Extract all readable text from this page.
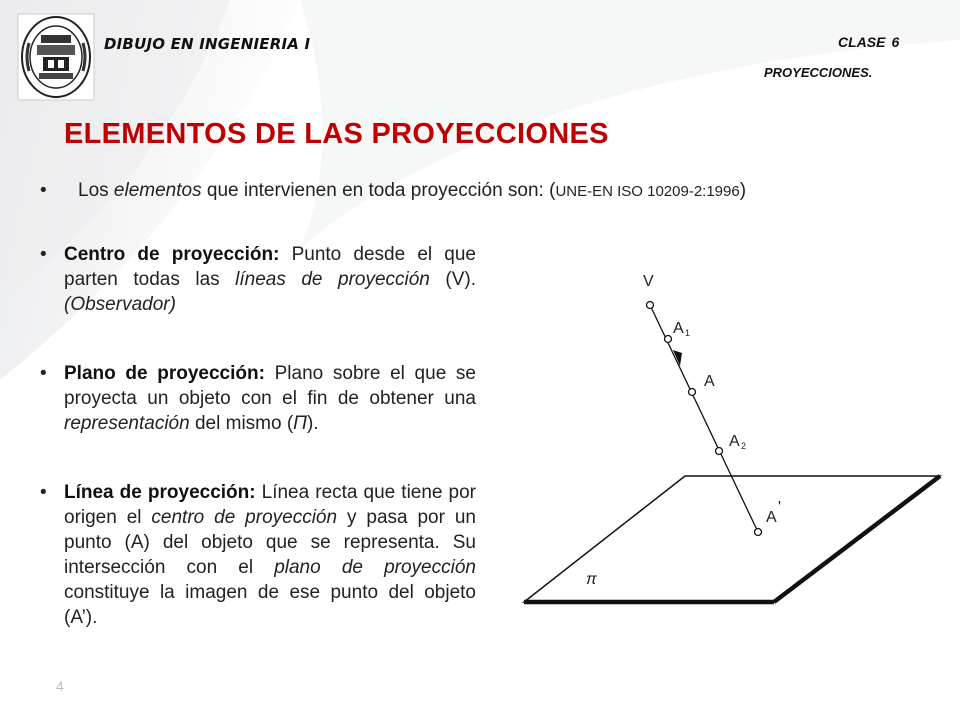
DIBUJO EN INGENIERIA I	CLASE 6
PROYECCIONES.
ELEMENTOS DE LAS PROYECCIONES
• Los elementos que intervienen en toda proyección son: (UNE-EN ISO 10209-2:1996)
• Centro de proyección: Punto desde el que parten todas las líneas de proyección (V). (Observador)
• Plano de proyección: Plano sobre el que se proyecta un objeto con el fin de obtener una representación del mismo (Π).
• Línea de proyección: Línea recta que tiene por origen el centro de proyección y pasa por un punto (A) del objeto que se representa. Su intersección con el plano de proyección constituye la imagen de ese punto del objeto (A’).
V
A 1
A
A 2
A
'
π
4
